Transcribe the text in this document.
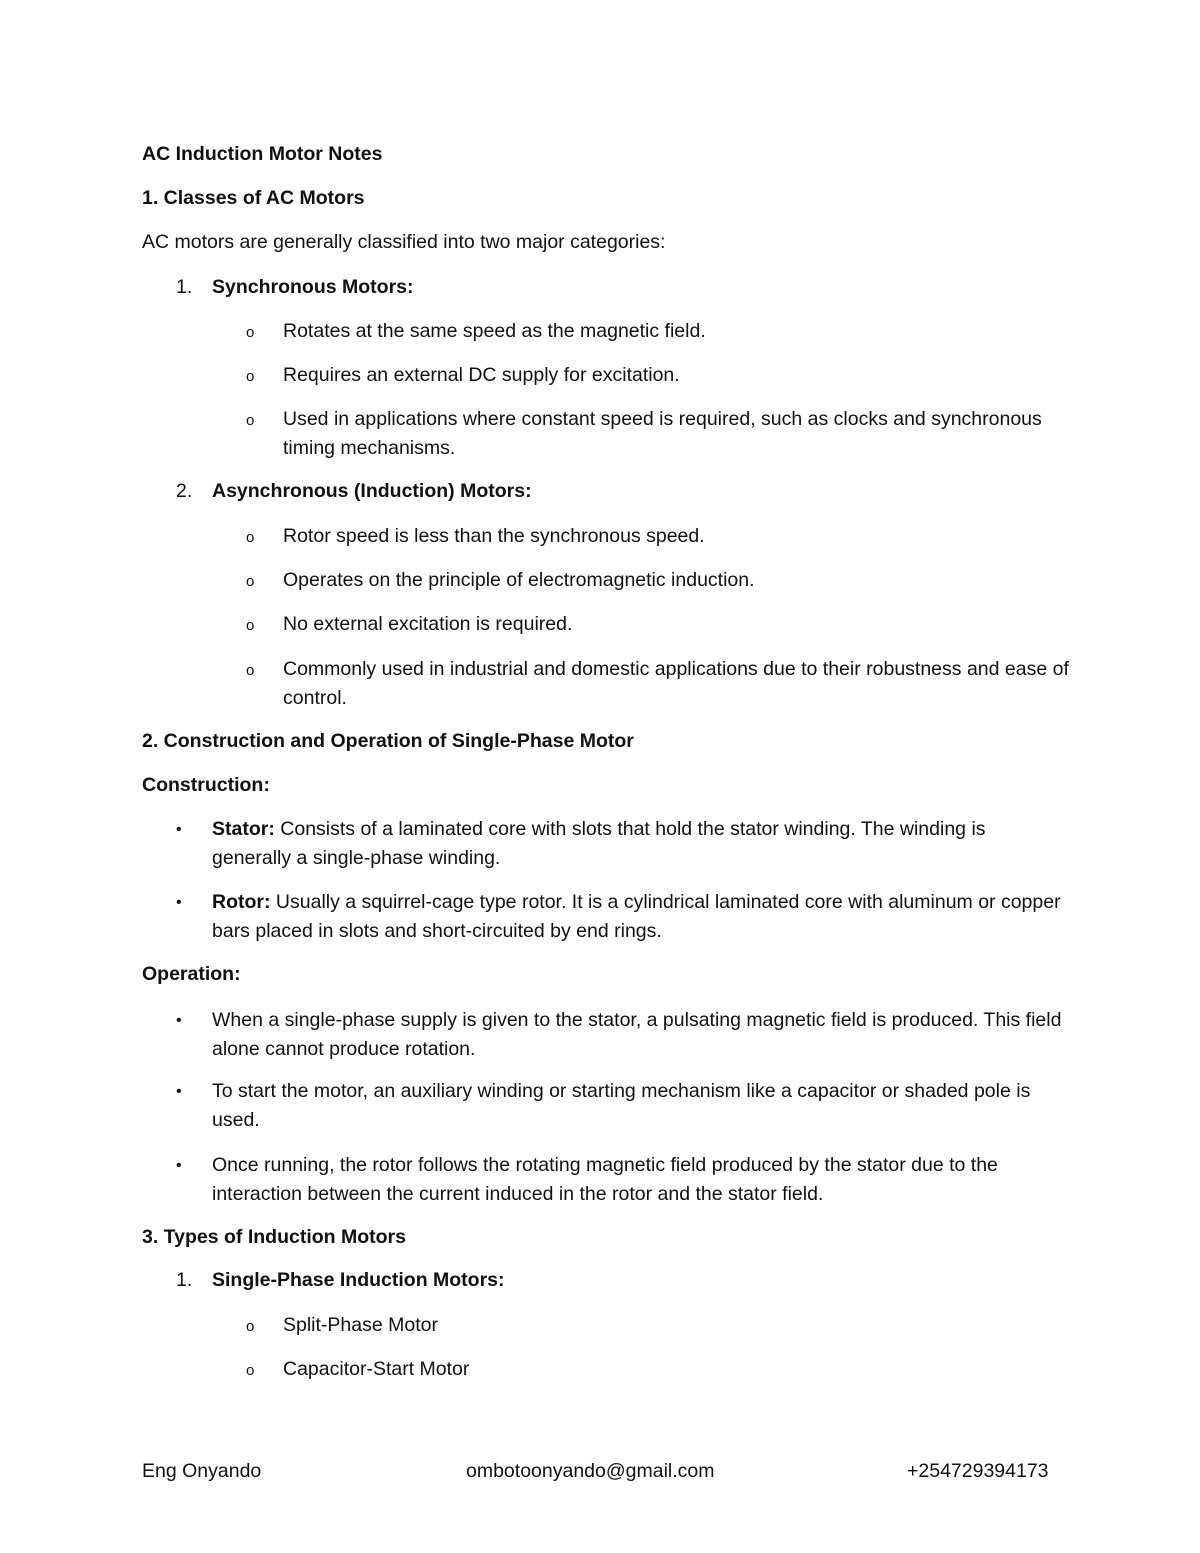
AC Induction Motor Notes
1. Classes of AC Motors
AC motors are generally classified into two major categories:
1. Synchronous Motors:
o Rotates at the same speed as the magnetic field.
o Requires an external DC supply for excitation.
o Used in applications where constant speed is required, such as clocks and synchronous timing mechanisms.
2. Asynchronous (Induction) Motors:
o Rotor speed is less than the synchronous speed.
o Operates on the principle of electromagnetic induction.
o No external excitation is required.
o Commonly used in industrial and domestic applications due to their robustness and ease of control.
2. Construction and Operation of Single-Phase Motor
Construction:
• Stator: Consists of a laminated core with slots that hold the stator winding. The winding is generally a single-phase winding.
• Rotor: Usually a squirrel-cage type rotor. It is a cylindrical laminated core with aluminum or copper bars placed in slots and short-circuited by end rings.
Operation:
• When a single-phase supply is given to the stator, a pulsating magnetic field is produced. This field alone cannot produce rotation.
• To start the motor, an auxiliary winding or starting mechanism like a capacitor or shaded pole is used.
• Once running, the rotor follows the rotating magnetic field produced by the stator due to the interaction between the current induced in the rotor and the stator field.
3. Types of Induction Motors
1. Single-Phase Induction Motors:
o Split-Phase Motor
o Capacitor-Start Motor
Eng Onyando	ombotoonyando@gmail.com	+254729394173
